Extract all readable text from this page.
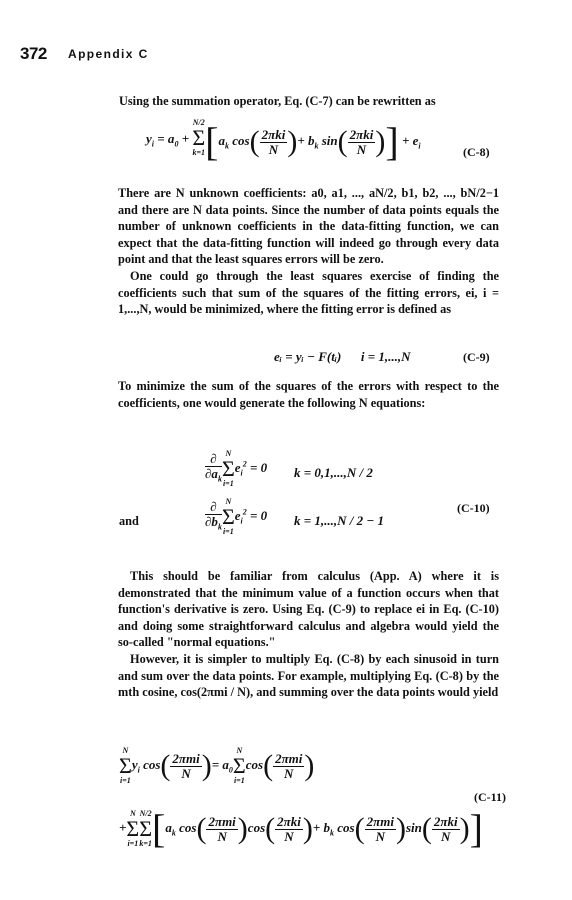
372 Appendix C
Using the summation operator, Eq. (C-7) can be rewritten as
$y_i = a_0$ +
N/2
Σ
k=1 [$a_k$ $\cos( \frac{\text{2πki}}{N}$ )+ $b_k$ $\sin( \frac{\text{2πki}}{N}$ )] + $e_i$	(C-8)
There are N unknown coefficients: a0, a1, ..., aN/2, b1, b2, ..., bN/2−1 and there are N data points. Since the number of data points equals the number of unknown coefficients in the data-fitting function, we can expect that the data-fitting function will indeed go through every data point and that the least squares errors will be zero.
One could go through the least squares exercise of finding the coefficients such that sum of the squares of the fitting errors, ei, i = 1,...,N, would be minimized, where the fitting error is defined as
eᵢ = yᵢ − F(tᵢ)      i = 1,...,N	(C-9)
To minimize the sum of the squares of the errors with respect to the coefficients, one would generate the following N equations:
$\frac{\partial}{\partial a_k}$ N
Σ
i=1
$e_i^2 = 0$ k = 0,1,...,N / 2
and
(C-10)
$\frac{\partial}{\partial b_k}$ N
Σ
i=1
$e_i^2 = 0$ k = 1,...,N / 2 − 1
This should be familiar from calculus (App. A) where it is demonstrated that the minimum value of a function occurs when that function's derivative is zero. Using Eq. (C-9) to replace ei in Eq. (C-10) and doing some straightforward calculus and algebra would yield the so-called "normal equations."
However, it is simpler to multiply Eq. (C-8) by each sinusoid in turn and sum over the data points. For example, multiplying Eq. (C-8) by the mth cosine, cos(2πmi / N), and summing over the data points would yield
N
Σ
i=1
$y_i$ $\cos( \frac{\text{2πmi}}{N}$ )= $a_0$
N
Σ
i=1
$\cos( \frac{\text{2πmi}}{N}$ )
+
N
Σ
i=1
N/2
Σ
k=1 [$a_k$ $\cos( \frac{\text{2πmi}}{N} )\cos( \frac{\text{2πki}}{N}$ )+ $b_k$ $\cos( \frac{\text{2πmi}}{N} )\sin( \frac{\text{2πki}}{N}$ )]
(C-11)
